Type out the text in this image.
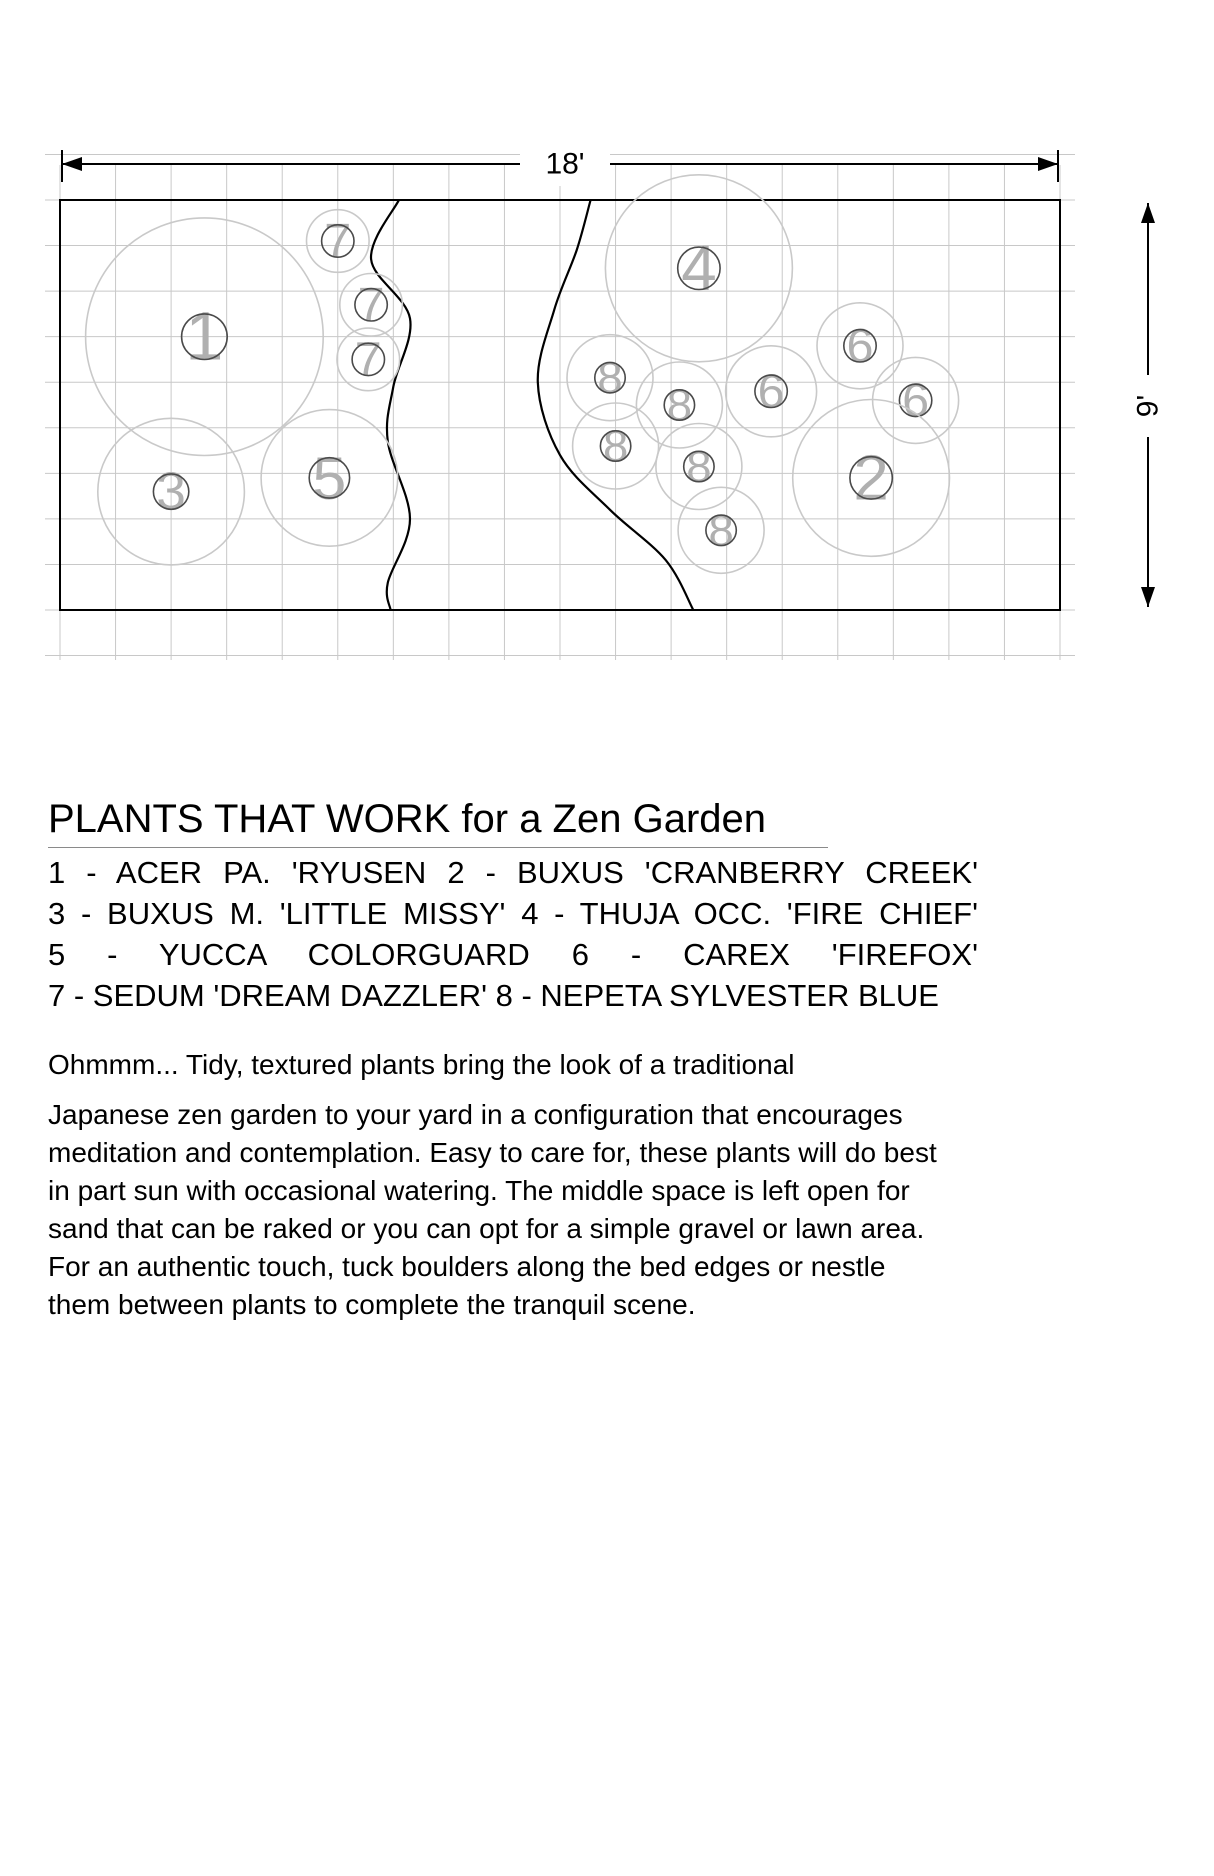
1
7
7
7
5
3
4
8
8
8
8
8
6
6
6
2
18'
9'
PLANTS THAT WORK for a Zen Garden

1 - ACER PA. 'RYUSEN 2 - BUXUS 'CRANBERRY CREEK' 3 - BUXUS M. 'LITTLE MISSY' 4 - THUJA OCC. 'FIRE CHIEF' 5 - YUCCA COLORGUARD 6 - CAREX 'FIREFOX' 7 - SEDUM 'DREAM DAZZLER' 8 - NEPETA SYLVESTER BLUE

Ohmmm... Tidy, textured plants bring the look of a traditional

Japanese zen garden to your yard in a configuration that encourages meditation and contemplation. Easy to care for, these plants will do best in part sun with occasional watering. The middle space is left open for sand that can be raked or you can opt for a simple gravel or lawn area. For an authentic touch, tuck boulders along the bed edges or nestle them between plants to complete the tranquil scene.
